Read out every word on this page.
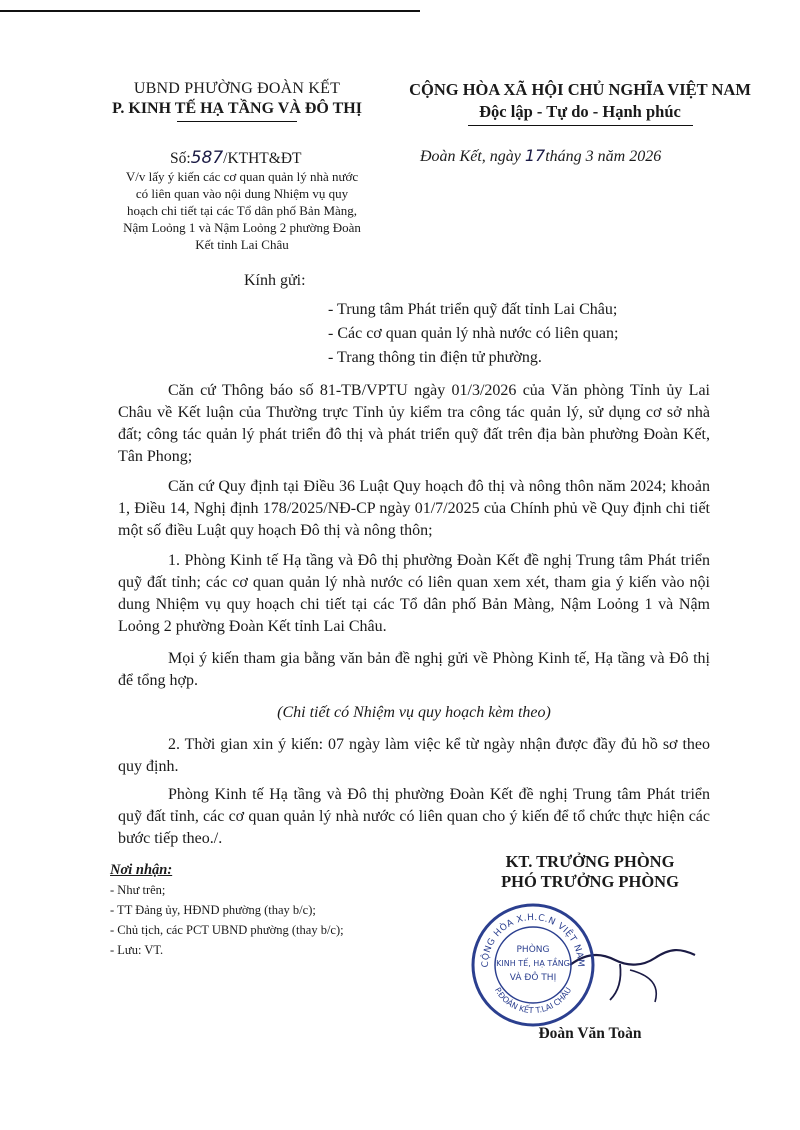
UBND PHƯỜNG ĐOÀN KẾT
P. KINH TẾ HẠ TẦNG VÀ ĐÔ THỊ
CỘNG HÒA XÃ HỘI CHỦ NGHĨA VIỆT NAM
Độc lập - Tự do - Hạnh phúc
Số:587/KTHT&ĐT
V/v lấy ý kiến các cơ quan quản lý nhà nước
có liên quan vào nội dung Nhiệm vụ quy
hoạch chi tiết tại các Tổ dân phố Bản Màng,
Nậm Loỏng 1 và Nậm Loỏng 2 phường Đoàn
Kết tỉnh Lai Châu
Đoàn Kết, ngày 17tháng 3 năm 2026
Kính gửi:
- Trung tâm Phát triển quỹ đất tỉnh Lai Châu;
- Các cơ quan quản lý nhà nước có liên quan;
- Trang thông tin điện tử phường.
Căn cứ Thông báo số 81-TB/VPTU ngày 01/3/2026 của Văn phòng Tỉnh ủy Lai Châu về Kết luận của Thường trực Tỉnh ủy kiểm tra công tác quản lý, sử dụng cơ sở nhà đất; công tác quản lý phát triển đô thị và phát triển quỹ đất trên địa bàn phường Đoàn Kết, Tân Phong;
Căn cứ Quy định tại Điều 36 Luật Quy hoạch đô thị và nông thôn năm 2024; khoản 1, Điều 14, Nghị định 178/2025/NĐ-CP ngày 01/7/2025 của Chính phủ về Quy định chi tiết một số điều Luật quy hoạch Đô thị và nông thôn;
1. Phòng Kinh tế Hạ tầng và Đô thị phường Đoàn Kết đề nghị Trung tâm Phát triển quỹ đất tỉnh; các cơ quan quản lý nhà nước có liên quan xem xét, tham gia ý kiến vào nội dung Nhiệm vụ quy hoạch chi tiết tại các Tổ dân phố Bản Màng, Nậm Loỏng 1 và Nậm Loỏng 2 phường Đoàn Kết tỉnh Lai Châu.
Mọi ý kiến tham gia bằng văn bản đề nghị gửi về Phòng Kinh tế, Hạ tầng và Đô thị để tổng hợp.
(Chi tiết có Nhiệm vụ quy hoạch kèm theo)
2. Thời gian xin ý kiến: 07 ngày làm việc kể từ ngày nhận được đầy đủ hồ sơ theo quy định.
Phòng Kinh tế Hạ tầng và Đô thị phường Đoàn Kết đề nghị Trung tâm Phát triển quỹ đất tỉnh, các cơ quan quản lý nhà nước có liên quan cho ý kiến để tổ chức thực hiện các bước tiếp theo./.
Nơi nhận:
- Như trên;
- TT Đảng ủy, HĐND phường (thay b/c);
- Chủ tịch, các PCT UBND phường (thay b/c);
- Lưu: VT.
KT. TRƯỞNG PHÒNG
PHÓ TRƯỞNG PHÒNG
CỘNG HÒA X.H.C.N VIỆT NAM
P.ĐOÀN KẾT T.LAI CHÂU
PHÒNG
KINH TẾ, HẠ TẦNG
VÀ ĐÔ THỊ
Đoàn Văn Toàn
